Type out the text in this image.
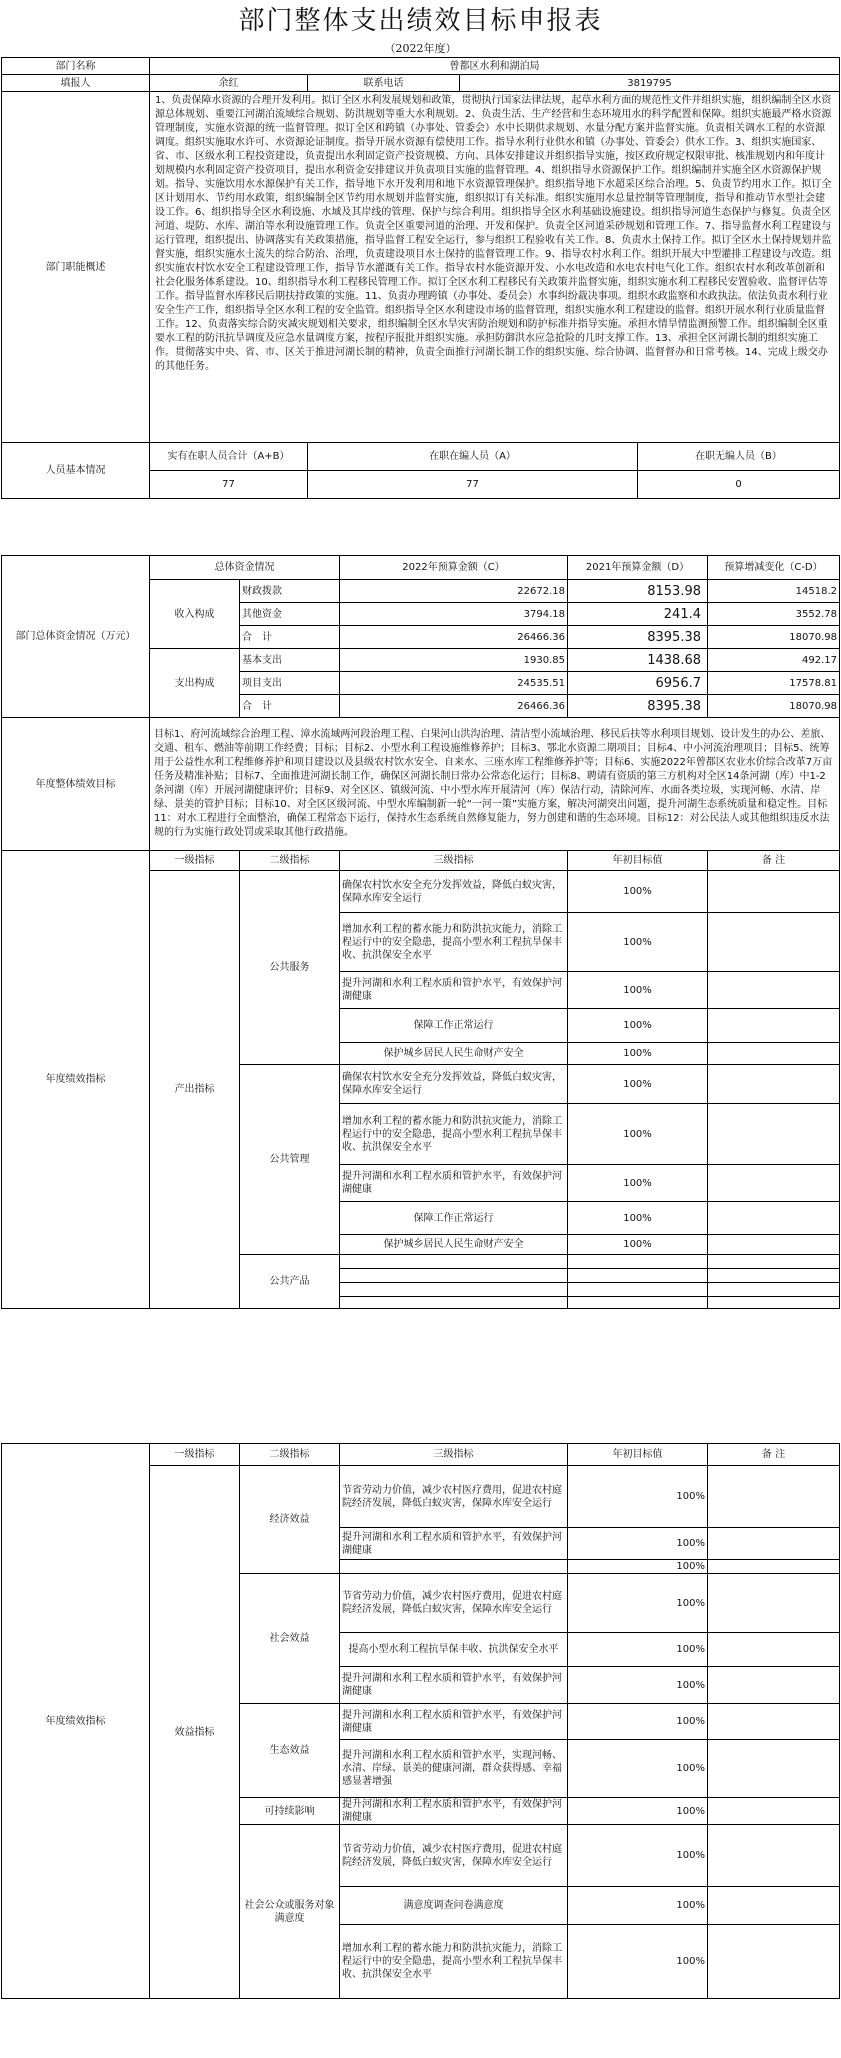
部门整体支出绩效目标申报表
（2022年度）
部门名称	曾都区水利和湖泊局			
填报人	余红	联系电话	3819795	
部门职能概述	1、负责保障水资源的合理开发利用。拟订全区水利发展规划和政策，贯彻执行国家法律法规，起草水利方面的规范性文件并组织实施，组织编制全区水资源总体规划、重要江河湖泊流域综合规划、防洪规划等重大水利规划。2、负责生活、生产经营和生态环境用水的科学配置和保障。组织实施最严格水资源管理制度，实施水资源的统一监督管理。拟订全区和跨镇（办事处、管委会）水中长期供求规划、水量分配方案并监督实施。负责相关调水工程的水资源调度。组织实施取水许可、水资源论证制度。指导开展水资源有偿使用工作。指导水利行业供水和镇（办事处、管委会）供水工作。3、组织实施国家、省、市、区级水利工程投资建设，负责提出水利固定资产投资规模、方向、具体安排建议并组织指导实施，按区政府规定权限审批、核准规划内和年度计划规模内水利固定资产投资项目，提出水利资金安排建议并负责项目实施的监督管理。4、组织指导水资源保护工作。组织编制并实施全区水资源保护规划。指导、实施饮用水水源保护有关工作，指导地下水开发利用和地下水资源管理保护。组织指导地下水超采区综合治理。5、负责节约用水工作。拟订全区计划用水、节约用水政策，组织编制全区节约用水规划并监督实施，组织拟订有关标准。组织实施用水总量控制等管理制度，指导和推动节水型社会建设工作。6、组织指导全区水利设施、水域及其岸线的管理、保护与综合利用。组织指导全区水利基础设施建设。组织指导河道生态保护与修复。负责全区河道、堤防、水库、湖泊等水利设施管理工作。负责全区重要河道的治理、开发和保护。负责全区河道采砂规划和管理工作。7、指导监督水利工程建设与运行管理，组织提出、协调落实有关政策措施，指导监督工程安全运行，参与组织工程验收有关工作。8、负责水土保持工作。拟订全区水土保持规划并监督实施，组织实施水土流失的综合防治、治理，负责建设项目水土保持的监督管理工作。9、指导农村水利工作。组织开展大中型灌排工程建设与改造。组织实施农村饮水安全工程建设管理工作，指导节水灌溉有关工作。指导农村水能资源开发、小水电改造和水电农村电气化工作。组织农村水利改革创新和社会化服务体系建设。10、组织指导水利工程移民管理工作。拟订全区水利工程移民有关政策并监督实施，组织实施水利工程移民安置验收、监督评估等工作。指导监督水库移民后期扶持政策的实施。11、负责办理跨镇（办事处、委员会）水事纠纷裁决事项。组织水政监察和水政执法。依法负责水利行业安全生产工作，组织指导全区水利工程的安全监管。组织指导全区水利建设市场的监督管理，组织实施水利工程建设的监督。组织开展水利行业质量监督工作。12、负责落实综合防灾减灾规划相关要求，组织编制全区水旱灾害防治规划和防护标准并指导实施。承担水情旱情监测预警工作。组织编制全区重要水工程的防汛抗旱调度及应急水量调度方案，按程序报批并组织实施。承担防御洪水应急抢险的几时支撑工作。13、承担全区河湖长制的组织实施工作。贯彻落实中央、省、市、区关于推进河湖长制的精神，负责全面推行河湖长制工作的组织实施、综合协调、监督督办和日常考核。14、完成上级交办的其他任务。			
人员基本情况	实有在职人员合计（A+B）	在职在编人员（A）		在职无编人员（B）
	77	77		0
部门总体资金情况（万元）	总体资金情况		2022年预算金额（C）	2021年预算金额（D）	预算增减变化（C-D）
	收入构成	财政拨款	22672.18	8153.98	14518.2
		其他资金	3794.18	241.4	3552.78
		合　计	26466.36	8395.38	18070.98
	支出构成	基本支出	1930.85	1438.68	492.17
		项目支出	24535.51	6956.7	17578.81
		合　计	26466.36	8395.38	18070.98
年度整体绩效目标	目标1、府河流域综合治理工程、漳水流域两河段治理工程、白果河山洪沟治理、清洁型小流域治理、移民后扶等水利项目规划、设计发生的办公、差旅、交通、租车、燃油等前期工作经费；目标；目标2、小型水利工程设施维修养护；目标3、鄂北水资源二期项目；目标4、中小河流治理项目；目标5、统筹用于公益性水利工程维修养护和项目建设以及县级农村饮水安全、自来水、三座水库工程维修养护等；目标6、实施2022年曾都区农业水价综合改革7万亩任务及精准补贴；目标7、全面推进河湖长制工作，确保区河湖长制日常办公常态化运行；目标8、聘请有资质的第三方机构对全区14条河湖（库）中1-2条河湖（库）开展河湖健康评价；目标9、对全区区、镇级河流、中小型水库开展清河（库）保洁行动，清除河库、水面各类垃圾，实现河畅、水清、岸绿、景美的管护目标；目标10、对全区区级河流、中型水库编制新一轮“一河一策”实施方案，解决河湖突出问题，提升河湖生态系统质量和稳定性。目标11：对水工程进行全面整治，确保工程常态下运行，保持水生态系统自然修复能力，努力创建和谐的生态环境。目标12：对公民法人或其他组织违反水法规的行为实施行政处罚或采取其他行政措施。
年度绩效指标	一级指标	二级指标	三级指标	年初目标值	备 注
	产出指标	公共服务	确保农村饮水安全充分发挥效益，降低白蚁灾害，保障水库安全运行	100%	
			增加水利工程的蓄水能力和防洪抗灾能力，消除工程运行中的安全隐患，提高小型水利工程抗旱保丰收、抗洪保安全水平	100%	
			提升河湖和水利工程水质和管护水平，有效保护河湖健康	100%	
			保障工作正常运行	100%	
			保护城乡居民人民生命财产安全	100%	
		公共管理	确保农村饮水安全充分发挥效益，降低白蚁灾害，保障水库安全运行	100%	
			增加水利工程的蓄水能力和防洪抗灾能力，消除工程运行中的安全隐患，提高小型水利工程抗旱保丰收、抗洪保安全水平	100%	
			提升河湖和水利工程水质和管护水平，有效保护河湖健康	100%	
			保障工作正常运行	100%	
			保护城乡居民人民生命财产安全	100%	
		公共产品			

年度绩效指标	一级指标	二级指标	三级指标	年初目标值	备 注
	效益指标	经济效益	节省劳动力价值，减少农村医疗费用，促进农村庭院经济发展，降低白蚁灾害，保障水库安全运行	100%	
			提升河湖和水利工程水质和管护水平，有效保护河湖健康	100%	
				100%	
		社会效益	节省劳动力价值，减少农村医疗费用，促进农村庭院经济发展，降低白蚁灾害，保障水库安全运行	100%	
			提高小型水利工程抗旱保丰收、抗洪保安全水平	100%	
			提升河湖和水利工程水质和管护水平，有效保护河湖健康	100%	
		生态效益	提升河湖和水利工程水质和管护水平，有效保护河湖健康	100%	
			提升河湖和水利工程水质和管护水平，实现河畅、水清、岸绿、景美的健康河湖，群众获得感、幸福感显著增强	100%	
		可持续影响	提升河湖和水利工程水质和管护水平，有效保护河湖健康	100%	
		社会公众或服务对象满意度	节省劳动力价值，减少农村医疗费用，促进农村庭院经济发展，降低白蚁灾害，保障水库安全运行	100%	
			满意度调查问卷满意度	100%	
			增加水利工程的蓄水能力和防洪抗灾能力，消除工程运行中的安全隐患，提高小型水利工程抗旱保丰收、抗洪保安全水平	100%	
